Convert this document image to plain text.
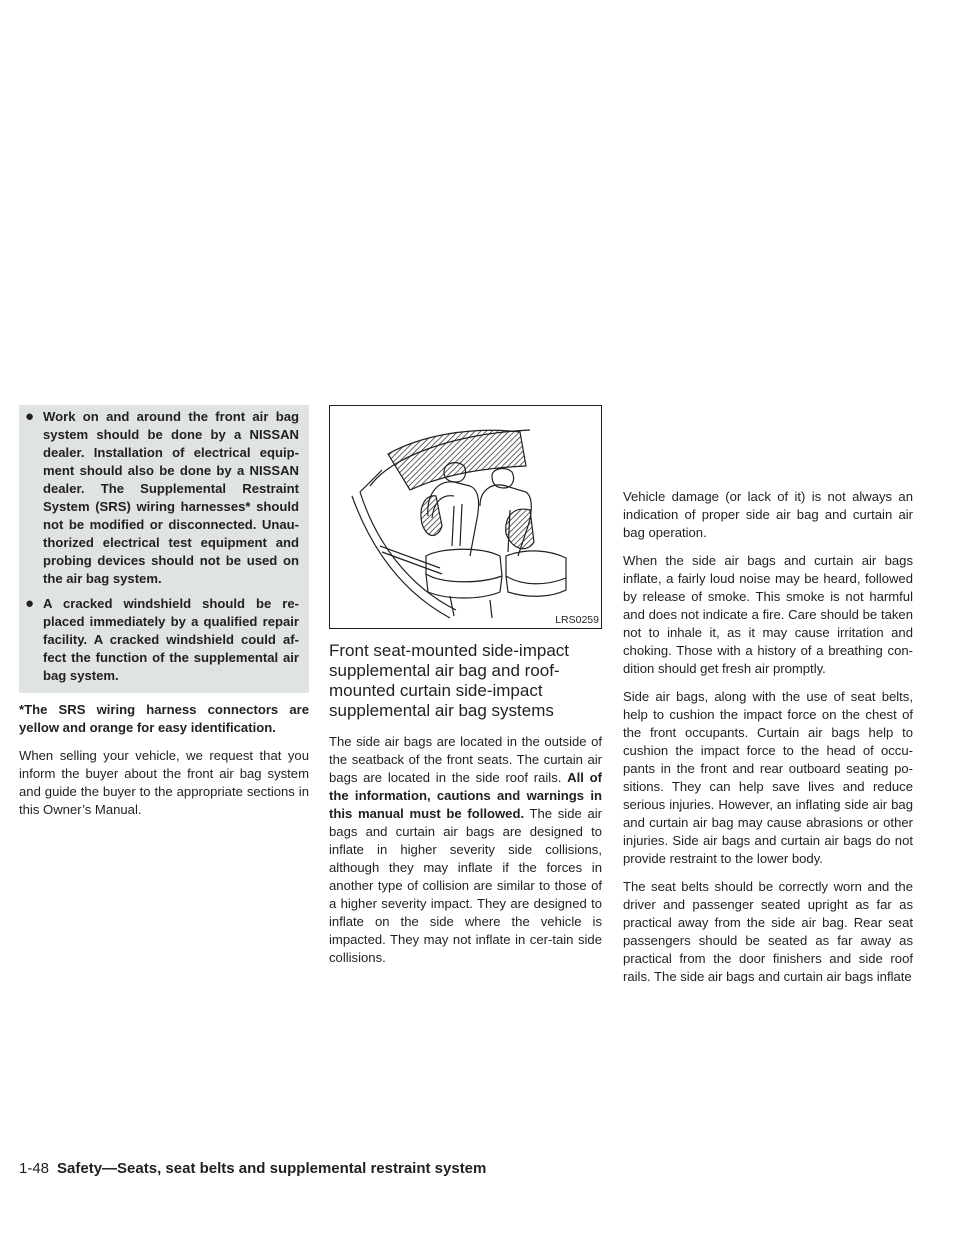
● Work on and around the front air bag system should be done by a NISSAN dealer. Installation of electrical equip-ment should also be done by a NISSAN dealer. The Supplemental Restraint System (SRS) wiring harnesses* should not be modified or disconnected. Unau-thorized electrical test equipment and probing devices should not be used on the air bag system.
● A cracked windshield should be re-placed immediately by a qualified repair facility. A cracked windshield could af-fect the function of the supplemental air bag system.

*The SRS wiring harness connectors are yellow and orange for easy identification.

When selling your vehicle, we request that you inform the buyer about the front air bag system and guide the buyer to the appropriate sections in this Owner’s Manual.

LRS0259
Front seat-mounted side-impact supplemental air bag and roof-mounted curtain side-impact supplemental air bag systems

The side air bags are located in the outside of the seatback of the front seats. The curtain air bags are located in the side roof rails. All of the information, cautions and warnings in this manual must be followed. The side air bags and curtain air bags are designed to inflate in higher severity side collisions, although they may inflate if the forces in another type of collision are similar to those of a higher severity impact. They are designed to inflate on the side where the vehicle is impacted. They may not inflate in cer-tain side collisions.

Vehicle damage (or lack of it) is not always an indication of proper side air bag and curtain air bag operation.

When the side air bags and curtain air bags inflate, a fairly loud noise may be heard, followed by release of smoke. This smoke is not harmful and does not indicate a fire. Care should be taken not to inhale it, as it may cause irritation and choking. Those with a history of a breathing con-dition should get fresh air promptly.

Side air bags, along with the use of seat belts, help to cushion the impact force on the chest of the front occupants. Curtain air bags help to cushion the impact force to the head of occu-pants in the front and rear outboard seating po-sitions. They can help save lives and reduce serious injuries. However, an inflating side air bag and curtain air bag may cause abrasions or other injuries. Side air bags and curtain air bags do not provide restraint to the lower body.

The seat belts should be correctly worn and the driver and passenger seated upright as far as practical away from the side air bag. Rear seat passengers should be seated as far away as practical from the door finishers and side roof rails. The side air bags and curtain air bags inflate

1-48 Safety—Seats, seat belts and supplemental restraint system
